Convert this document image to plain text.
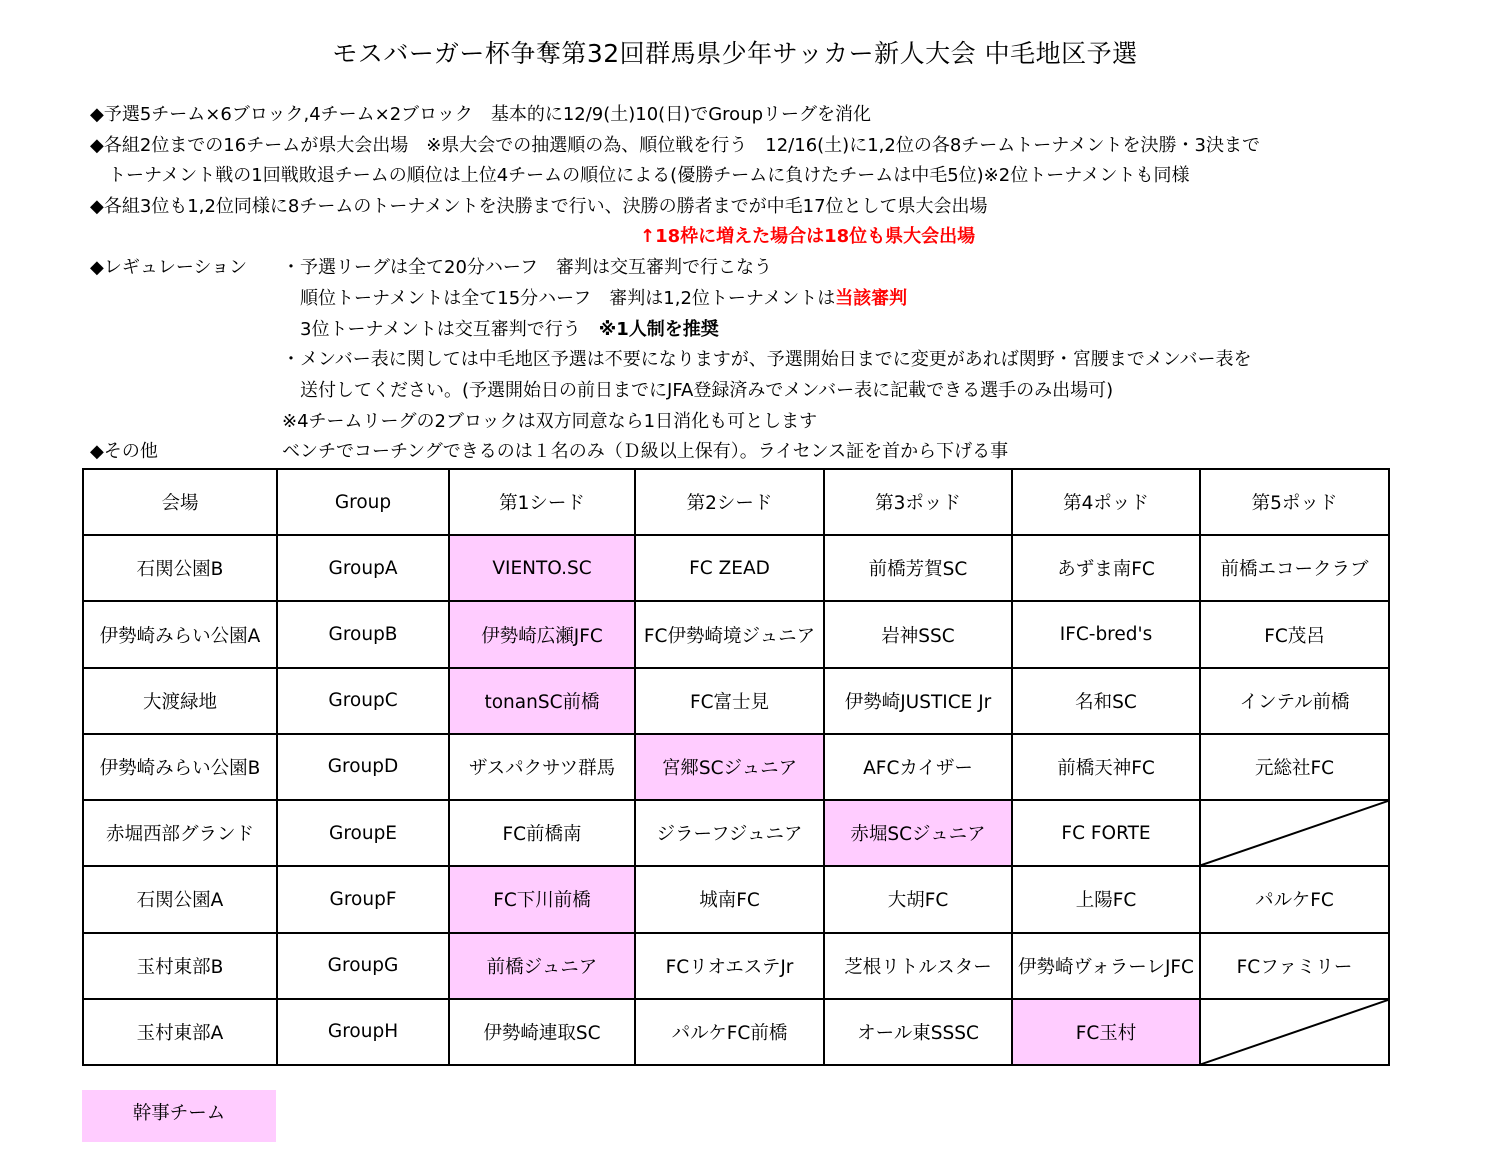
モスバーガー杯争奪第32回群馬県少年サッカー新人大会 中毛地区予選
◆予選5チーム×6ブロック,4チーム×2ブロック　基本的に12/9(土)10(日)でGroupリーグを消化
◆各組2位までの16チームが県大会出場　※県大会での抽選順の為、順位戦を行う　12/16(土)に1,2位の各8チームトーナメントを決勝・3決まで
トーナメント戦の1回戦敗退チームの順位は上位4チームの順位による(優勝チームに負けたチームは中毛5位)※2位トーナメントも同様
◆各組3位も1,2位同様に8チームのトーナメントを決勝まで行い、決勝の勝者までが中毛17位として県大会出場
↑18枠に増えた場合は18位も県大会出場
◆レギュレーション ・予選リーグは全て20分ハーフ　審判は交互審判で行こなう
順位トーナメントは全て15分ハーフ　審判は1,2位トーナメントは当該審判
3位トーナメントは交互審判で行う　※1人制を推奨
・メンバー表に関しては中毛地区予選は不要になりますが、予選開始日までに変更があれば関野・宮腰までメンバー表を
送付してください。(予選開始日の前日までにJFA登録済みでメンバー表に記載できる選手のみ出場可)
※4チームリーグの2ブロックは双方同意なら1日消化も可とします
◆その他	ベンチでコーチングできるのは１名のみ（Ｄ級以上保有）。ライセンス証を首から下げる事
会場	Group	第1シード	第2シード	第3ポッド	第4ポッド	第5ポッド
石関公園B	GroupA	VIENTO.SC	FC ZEAD	前橋芳賀SC	あずま南FC	前橋エコークラブ
伊勢崎みらい公園A	GroupB	伊勢崎広瀬JFC	FC伊勢崎境ジュニア	岩神SSC	IFC-bred's	FC茂呂
大渡緑地	GroupC	tonanSC前橋	FC富士見	伊勢崎JUSTICE Jr	名和SC	インテル前橋
伊勢崎みらい公園B	GroupD	ザスパクサツ群馬	宮郷SCジュニア	AFCカイザー	前橋天神FC	元総社FC
赤堀西部グランド	GroupE	FC前橋南	ジラーフジュニア	赤堀SCジュニア	FC FORTE	

石関公園A	GroupF	FC下川前橋	城南FC	大胡FC	上陽FC	パルケFC
玉村東部B	GroupG	前橋ジュニア	FCリオエステJr	芝根リトルスター	伊勢崎ヴォラーレJFC	FCファミリー
玉村東部A	GroupH	伊勢崎連取SC	パルケFC前橋	オール東SSSC	FC玉村	
幹事チーム
